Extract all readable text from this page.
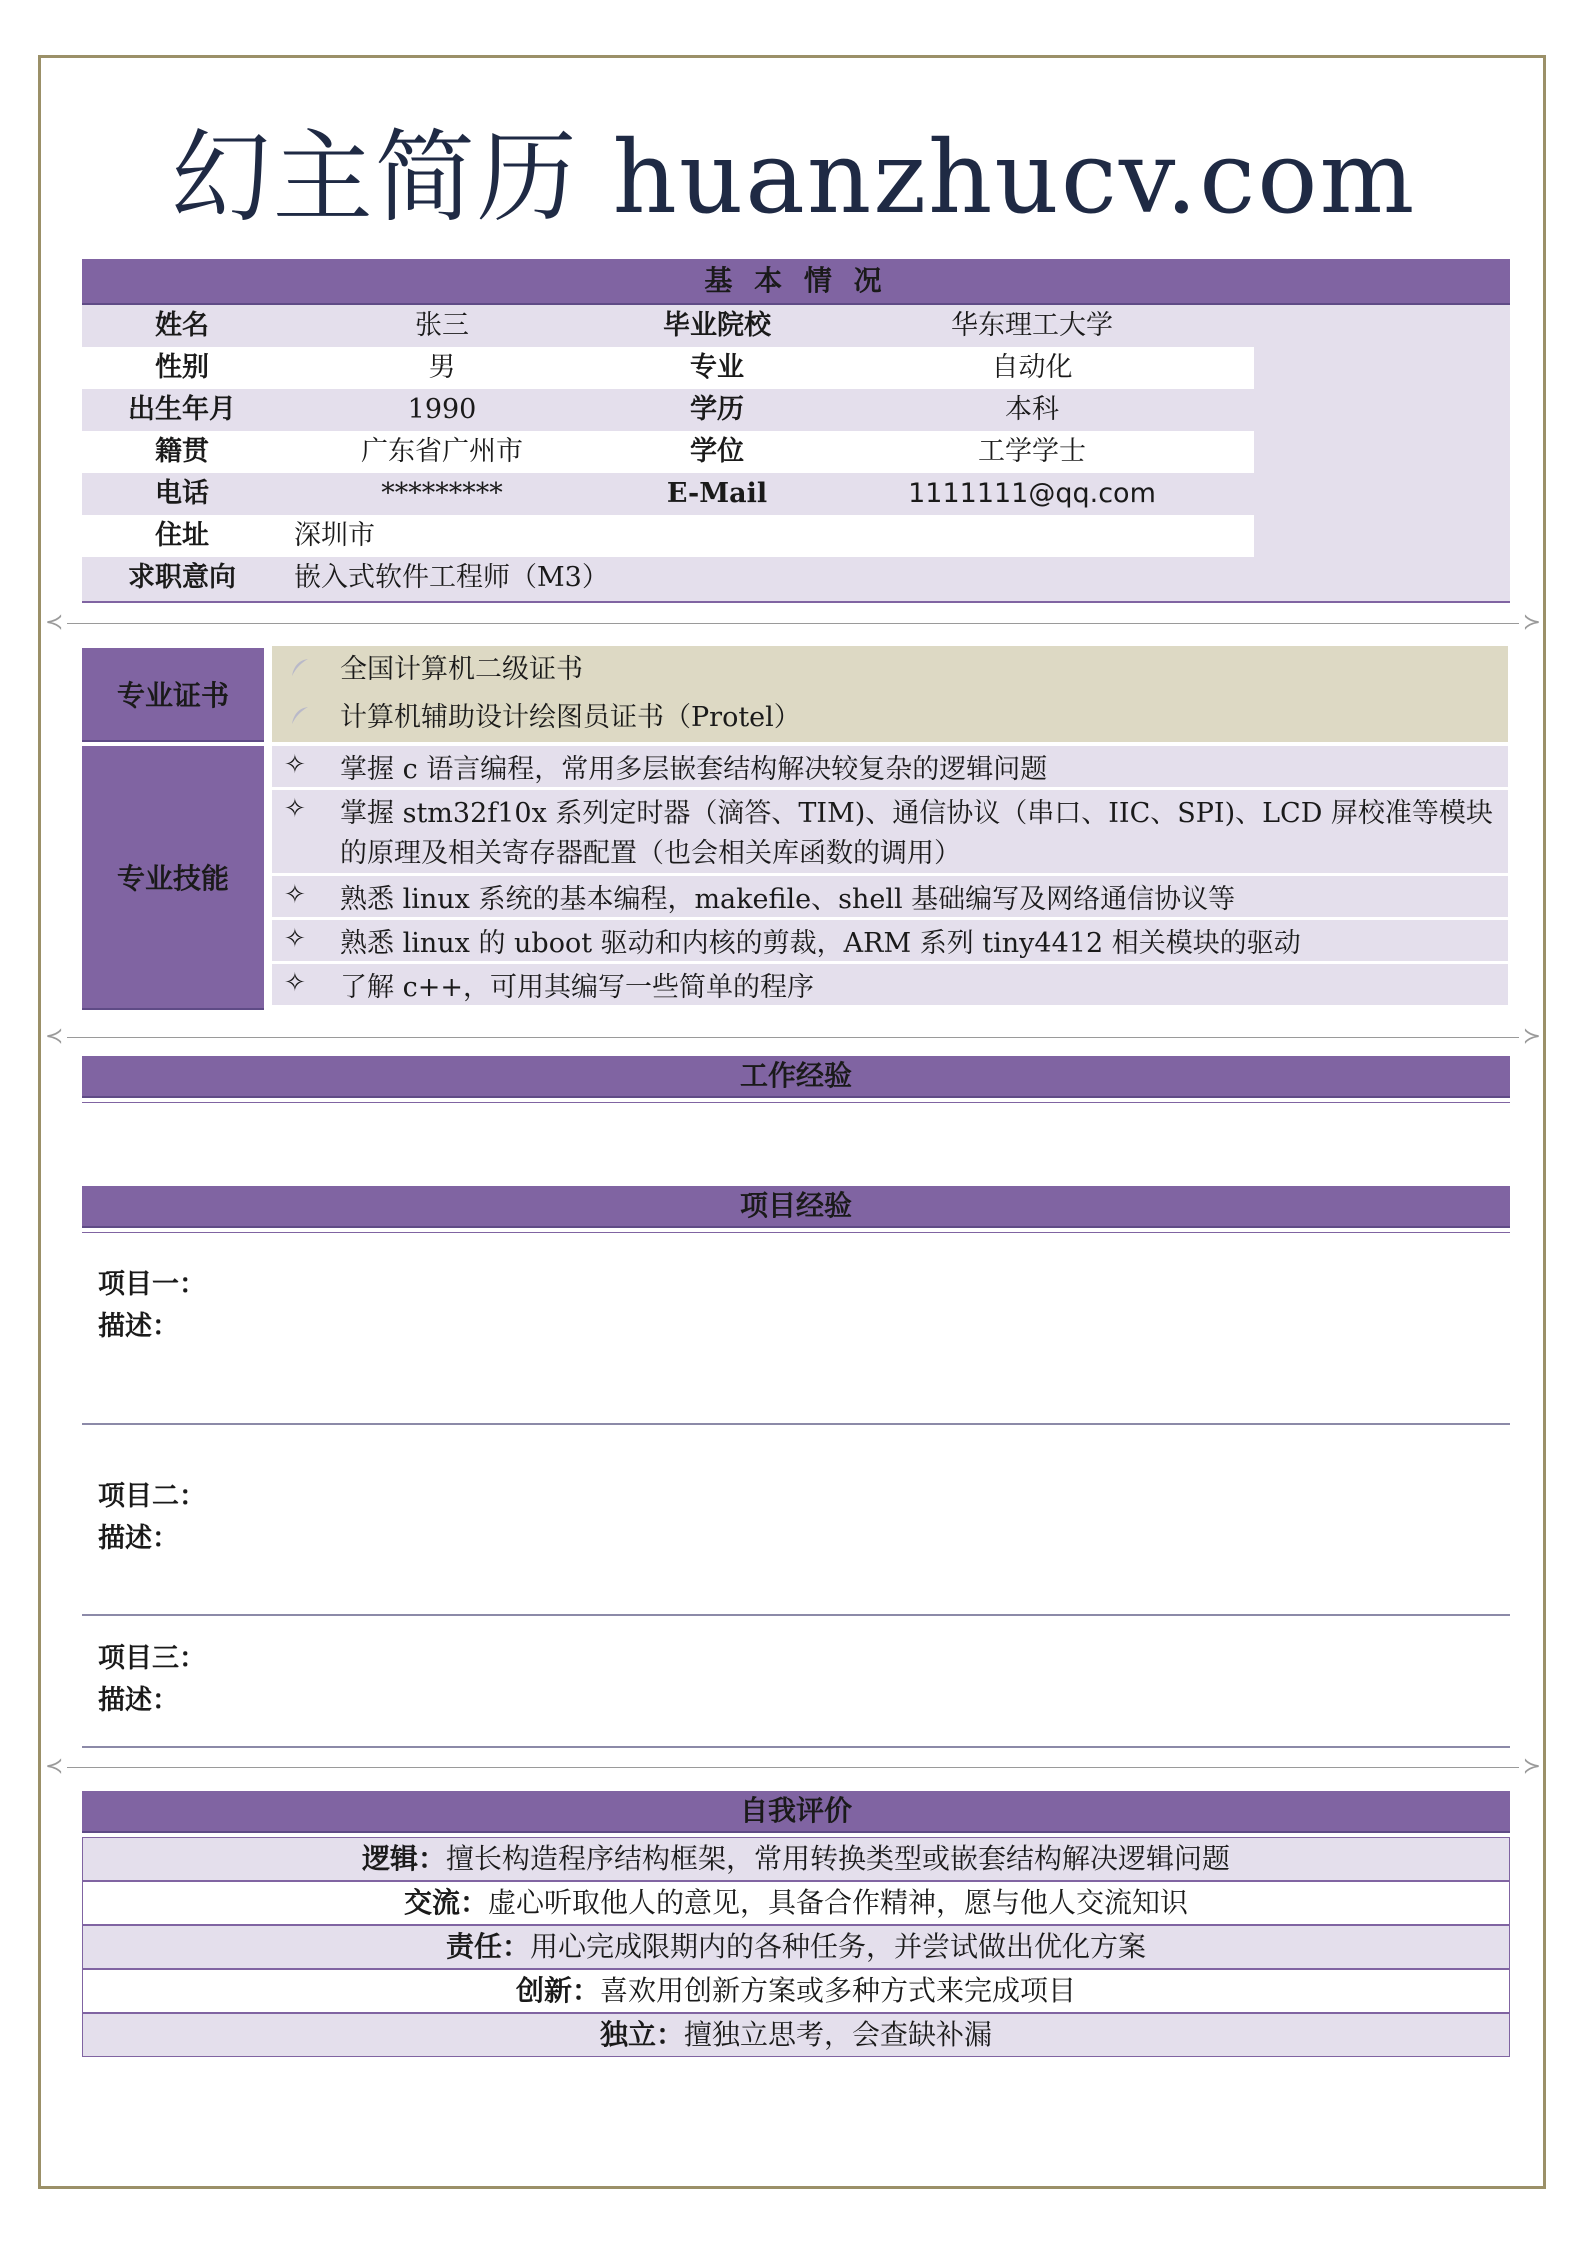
幻主简历 huanzhucv.com
基 本 情 况
姓名	张三	毕业院校	华东理工大学
性别	男	专业	自动化
出生年月	1990	学历	本科
籍贯	广东省广州市	学位	工学学士
电话	*********	E-Mail	1111111@qq.com
住址	深圳市
求职意向	嵌入式软件工程师（M3）
≺	≻
专业证书
全国计算机二级证书
计算机辅助设计绘图员证书（Protel）
专业技能
✧ 掌握 c 语言编程，常用多层嵌套结构解决较复杂的逻辑问题
✧ 掌握 stm32f10x 系列定时器（滴答、TIM)、通信协议（串口、IIC、SPI)、LCD 屏校准等模块的原理及相关寄存器配置（也会相关库函数的调用）
✧ 熟悉 linux 系统的基本编程，makefile、shell 基础编写及网络通信协议等
✧ 熟悉 linux 的 uboot 驱动和内核的剪裁，ARM 系列 tiny4412 相关模块的驱动
✧ 了解 c++，可用其编写一些简单的程序
≺	≻
工作经验
项目经验
项目一：
描述：
项目二：
描述：
项目三：
描述：
≺	≻
自我评价
逻辑：擅长构造程序结构框架，常用转换类型或嵌套结构解决逻辑问题
交流：虚心听取他人的意见，具备合作精神，愿与他人交流知识
责任：用心完成限期内的各种任务，并尝试做出优化方案
创新：喜欢用创新方案或多种方式来完成项目
独立：擅独立思考，会查缺补漏
